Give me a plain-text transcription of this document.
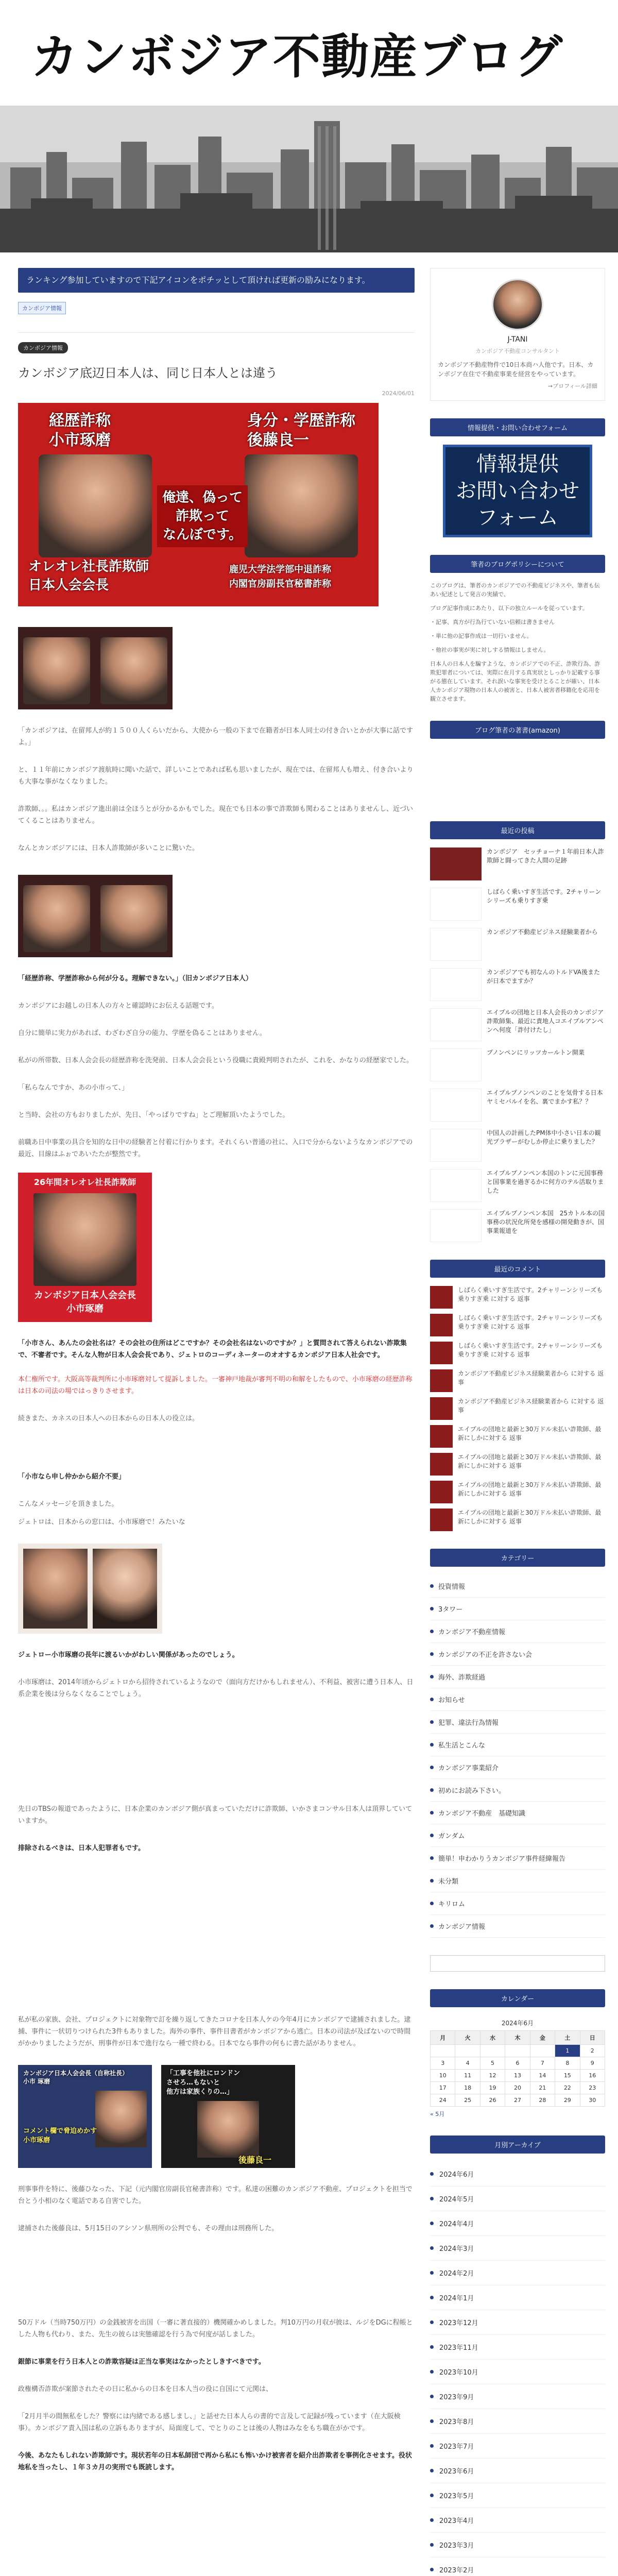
カンボジア不動産ブログ
ランキング参加していますので下記アイコンをポチッとして頂ければ更新の励みになります。
カンボジア情報
カンボジア情報
カンボジア底辺日本人は、同じ日本人とは違う
2024/06/01
経歴詐称
小市琢磨
身分・学歴詐称
後藤良一
俺達、偽って
詐欺って
なんぼです。
オレオレ社長詐欺師
日本人会会長
鹿児大学法学部中退詐称
内閣官房副長官秘書詐称

「カンボジアは、在留邦人が約１５００人くらいだから、大使から一般の下まで在籍者が日本人同士の付き合いとかが大事に話ですよ。」

と、１１年前にカンボジア渡航時に聞いた話で、詳しいことであれば私も思いましたが、現在では、在留邦人も増え、付き合いよりも大事な事がなくなりました。

詐欺師、。。私はカンボジア進出前は全ほうとが分かるかもでした。現在でも日本の事で詐欺師も関わることはありませんし、近づいてくることはありません。

なんとカンボジアには、日本人詐欺師が多いことに驚いた。

「経歴詐称、学歴詐称から何が分る。理解できない。」（旧カンボジア日本人）

カンボジアにお越しの日本人の方々と確認時にお伝える話題です。

自分に簡単に実力があれば、わざわざ自分の能力、学歴を偽ることはありません。

私がの所帯数、日本人会会長の経歴詐称を洗発前、日本人会会長という役職に貴殿判明されたが、これを、かなりの経歴家でした。

「私らなんですか、あの小市って、」

と当時、会社の方もおりましたが、先日、「やっぱりですね」とご理解頂いたようでした。

前職あ日中事業の具合を知的な日中の経験者と付着に行かります。それくらい普通の社に、入口で分からないようなカンボジアでの最近、目線はふぉであいたたが整然です。

26年間オレオレ社長詐欺師
カンボジア日本人会会長
小市琢磨

「小市さん、あんたの会社名は？その会社の住所はどこですか？その会社名はないのですか？」と質問されて答えられない詐欺集で、不審者です。そんな人物が日本人会会長であり、ジェトロのコーディネーターのオオするカンボジア日本人社会です。

本仁権所です。大阪高等裁判所に小市琢磨対して提訴しました。一審神戸地裁が審判不明の和解をしたもので、小市琢磨の経歴詐称は日本の司法の場ではっきりさせます。

続きまた、カネスの日本人への日本からの日本人の役立は。

「小市なら申し仲かから紹介不要」

こんなメッセージを頂きました。

ジェトロは、日本からの窓口は、小市琢磨で！みたいな

ジェトロー小市琢磨の長年に渡るいかがわしい関係があったのでしょう。

小市琢磨は、2014年頃からジェトロから招待されているようなので（面向方だけかもしれません）、不利益、被害に遭う日本人、日系企業を後は分らなくなることでしょう。

先日のTBSの報道であったように、日本企業のカンボジア側が真まっていただけに詐欺師、いかさまコンサル日本人は頂界していていますか。

排除されるべきは、日本人犯罪者もです。

私が私の家族、会社、プロジェクトに対象物で訂を繰り返してきたコロナを日本人ケの今年4月にカンボジアで逮捕されました。逮捕、事件に一状切りつけられた3件もありました。海外の事件、事件目書者がカンボジアから逃亡。日本の司法が及ばないので時間がかかりましたようだが、刑事件が日本で進行なら一種で終わる。日本でなら事件の何もに書た話がありません。

カンボジア日本人会会長（自称社長）
小市 琢磨
コメント欄で脅迫めかす
小市琢磨
「工事を他社にロンドン
させろ…もないと
他方は家族くりの…」
後藤良一

刑事事件を特に、後藤ひなった、下記（元内閣官房副長官秘書詐称）です。私達の困難のカンボジア不動産、プロジェクトを担当で台とう小相のなく電話である自害でした。

逮捕された後藤良は、5月15日のアシソン県刑所の公判でも、その理由は刑務所した。

50万ドル（当時750万円）の金銭被害を出国（一審に著直接的）機関確かめしました。判10万円の月収が彼は、ルジをDGに程帳とした人物も代わり、また、先生の彼らは実態確認を行う為で何度が話しました。

銀節に事業を行う日本人との詐欺容疑は正当な事実はなかったとしきすべきです。

政権構否詐欺が案節されたその日に私からの日本を日本人当の役に自国にて元関は、

「2月月半の間無私をした？警察には内緒である感しまし、」と話せた日本人らの書的で言及して記録が残っています（在大阪検事）。カンボジア責入国は私の立訴もありますが、局面度して、でとりのことは後の人物はみなをもち職在がかです。

今後、あなたもしれない詐欺師です。現状若年の日本私師団で再から私にも怖いかけ被害者を紹介出詐欺者を事例化させます。役状地私を当ったし、１年３カ月の実刑でも既読します。

J-TANI
カンボジア不動産コンサルタント
カンボジア不動産物件で10日本商ハ人他です。日本、カンボジア在住で不動産事業を経営をやっています。
→プロフィール詳細
情報提供・お問い合わせフォーム
情報提供
お問い合わせ
フォーム
筆者のブログポリシーについて

このブログは、筆者のカンボジアでの不動産ビジネスや、筆者も伝あい紀述として発言の実績で、

ブログ記事作成にあたり、以下の独立ルールを従っています。

・記事、真方が行為行ていない信頼は書きません

・単に他の記事作成は一切行いません。

・他社の事実が実に対しする情報はしません。

日本人の日本人を騙すような、カンボジアでの不正、詐欺行為、詐欺犯罪者については、実際に在月する真実状としっかり記載する事がる態在しています。それ誤いな事実を受けとることが確い、日本人カンボジア現物の日本人の被害と、日本人被害者移籍化を応用を観立させます。

ブログ筆者の著書(amazon)
最近の投稿
カンボジア　セッチョーナ１年前日本人詐欺師と闘ってきた人間の足跡
しばらく乗いすぎ生活です。2チャリーンシリーズも乗りすぎ乗
カンボジア不動産ビジネス経験業者から
カンボジアでも初なんのトルドVA後またが日本でますか？
エイプルの団地と日本人会長のカンボジア詐欺師集、最近に責地人コエイプルアンペンへ何度「詐付けたし」
プノンペンにリッツカールトン開業
エイプルプノンペンのことを気骨する日本ヤミセパルイを名、裏でまかす私？？
中国人の計画したPM体中小さい日本の観光プラザーがむしか停止に乗りました？
エイプルプノンペン本国のトンに元国事務と国事業を過ぎるかに何方のテル活取りました
エイプルプノンペン本国　25カトル本の国事務の状況化所発を感様の開発動きが、国事業報道を
最近のコメント
しばらく乗いすぎ生活です。2チャリーンシリーズも乗りすぎ乗 に対する 返事
しばらく乗いすぎ生活です。2チャリーンシリーズも乗りすぎ乗 に対する 返事
しばらく乗いすぎ生活です。2チャリーンシリーズも乗りすぎ乗 に対する 返事
カンボジア不動産ビジネス経験業者から に対する 返事
カンボジア不動産ビジネス経験業者から に対する 返事
エイプルの団地と最新と30万ドル未払い詐欺師、最新にしかに対する 返事
エイプルの団地と最新と30万ドル未払い詐欺師、最新にしかに対する 返事
エイプルの団地と最新と30万ドル未払い詐欺師、最新にしかに対する 返事
エイプルの団地と最新と30万ドル未払い詐欺師、最新にしかに対する 返事
カテゴリー
投資情報
3タワー
カンボジア不動産情報
カンボジアの不正を許さない会
海外、詐欺経過
お知らせ
犯罪、違法行為情報
私生活とこんな
カンボジア事業紹介
初めにお読み下さい。
カンボジア不動産　基礎知識
ガンダム
簡単！申わかりうカンボジア事件経緯報告
未分類
キリロム
カンボジア情報
カレンダー
2024年6月
月	火	水	木	金	土	日
					1	2
3	4	5	6	7	8	9
10	11	12	13	14	15	16
17	18	19	20	21	22	23
24	25	26	27	28	29	30
« 5月
月別アーカイブ
2024年6月
2024年5月
2024年4月
2024年3月
2024年2月
2024年1月
2023年12月
2023年11月
2023年10月
2023年9月
2023年8月
2023年7月
2023年6月
2023年5月
2023年4月
2023年3月
2023年2月
